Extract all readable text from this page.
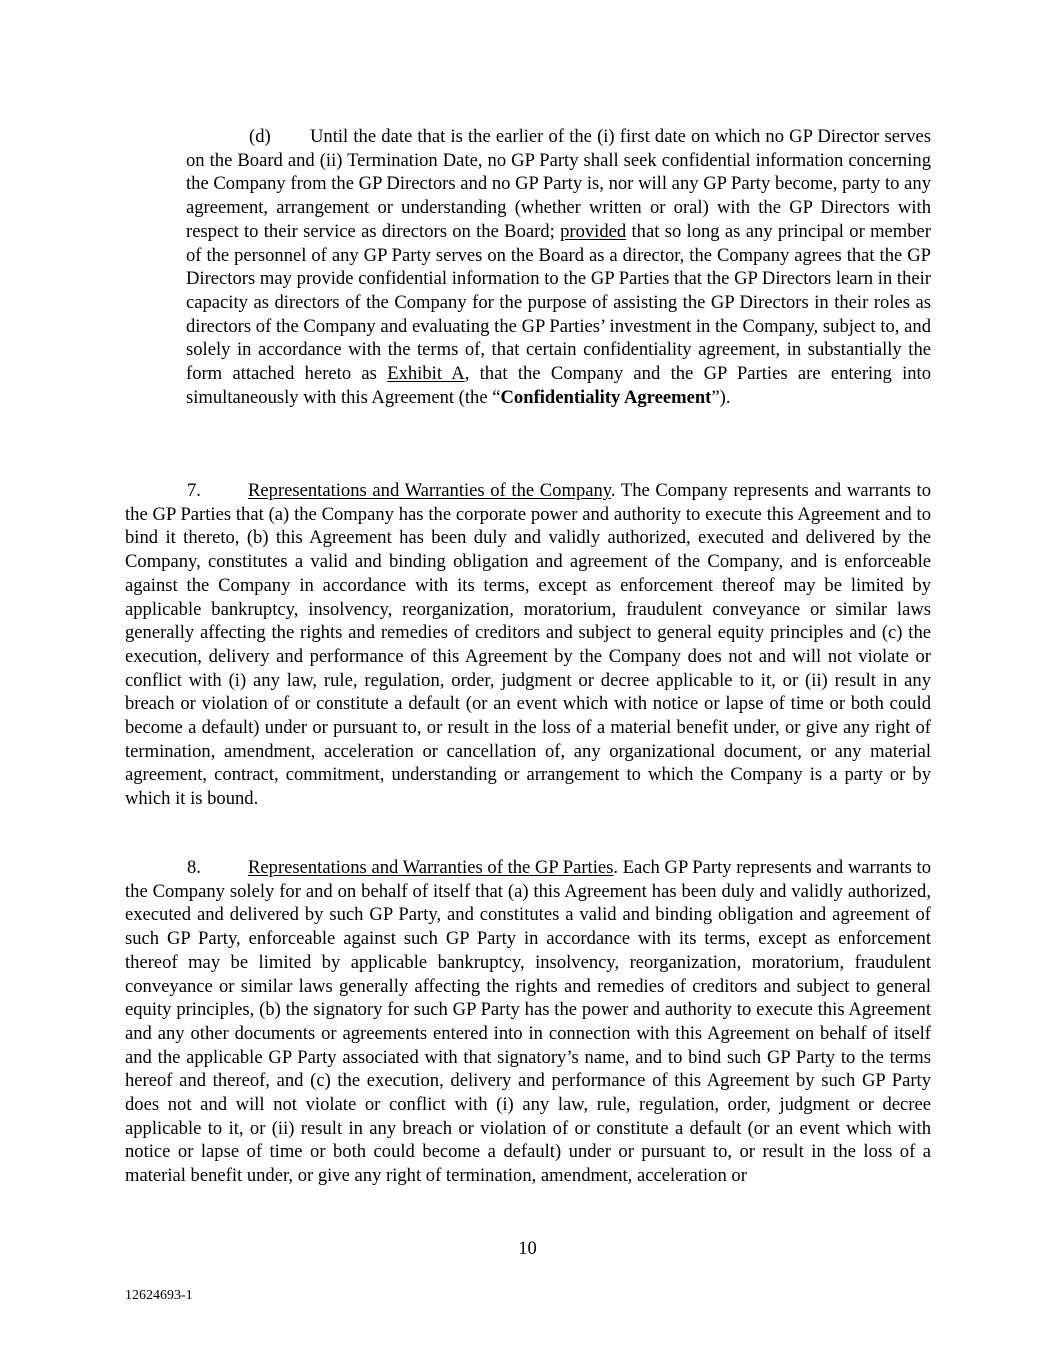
(d) Until the date that is the earlier of the (i) first date on which no GP Director serves on the Board and (ii) Termination Date, no GP Party shall seek confidential information concerning the Company from the GP Directors and no GP Party is, nor will any GP Party become, party to any agreement, arrangement or understanding (whether written or oral) with the GP Directors with respect to their service as directors on the Board; provided that so long as any principal or member of the personnel of any GP Party serves on the Board as a director, the Company agrees that the GP Directors may provide confidential information to the GP Parties that the GP Directors learn in their capacity as directors of the Company for the purpose of assisting the GP Directors in their roles as directors of the Company and evaluating the GP Parties’ investment in the Company, subject to, and solely in accordance with the terms of, that certain confidentiality agreement, in substantially the form attached hereto as Exhibit A, that the Company and the GP Parties are entering into simultaneously with this Agreement (the “Confidentiality Agreement”).

7.	Representations and Warranties of the Company. The Company represents and warrants to the GP Parties that (a) the Company has the corporate power and authority to execute this Agreement and to bind it thereto, (b) this Agreement has been duly and validly authorized, executed and delivered by the Company, constitutes a valid and binding obligation and agreement of the Company, and is enforceable against the Company in accordance with its terms, except as enforcement thereof may be limited by applicable bankruptcy, insolvency, reorganization, moratorium, fraudulent conveyance or similar laws generally affecting the rights and remedies of creditors and subject to general equity principles and (c) the execution, delivery and performance of this Agreement by the Company does not and will not violate or conflict with (i) any law, rule, regulation, order, judgment or decree applicable to it, or (ii) result in any breach or violation of or constitute a default (or an event which with notice or lapse of time or both could become a default) under or pursuant to, or result in the loss of a material benefit under, or give any right of termination, amendment, acceleration or cancellation of, any organizational document, or any material agreement, contract, commitment, understanding or arrangement to which the Company is a party or by which it is bound.

8.	Representations and Warranties of the GP Parties. Each GP Party represents and warrants to the Company solely for and on behalf of itself that (a) this Agreement has been duly and validly authorized, executed and delivered by such GP Party, and constitutes a valid and binding obligation and agreement of such GP Party, enforceable against such GP Party in accordance with its terms, except as enforcement thereof may be limited by applicable bankruptcy, insolvency, reorganization, moratorium, fraudulent conveyance or similar laws generally affecting the rights and remedies of creditors and subject to general equity principles, (b) the signatory for such GP Party has the power and authority to execute this Agreement and any other documents or agreements entered into in connection with this Agreement on behalf of itself and the applicable GP Party associated with that signatory’s name, and to bind such GP Party to the terms hereof and thereof, and (c) the execution, delivery and performance of this Agreement by such GP Party does not and will not violate or conflict with (i) any law, rule, regulation, order, judgment or decree applicable to it, or (ii) result in any breach or violation of or constitute a default (or an event which with notice or lapse of time or both could become a default) under or pursuant to, or result in the loss of a material benefit under, or give any right of termination, amendment, acceleration or

10
12624693-1
